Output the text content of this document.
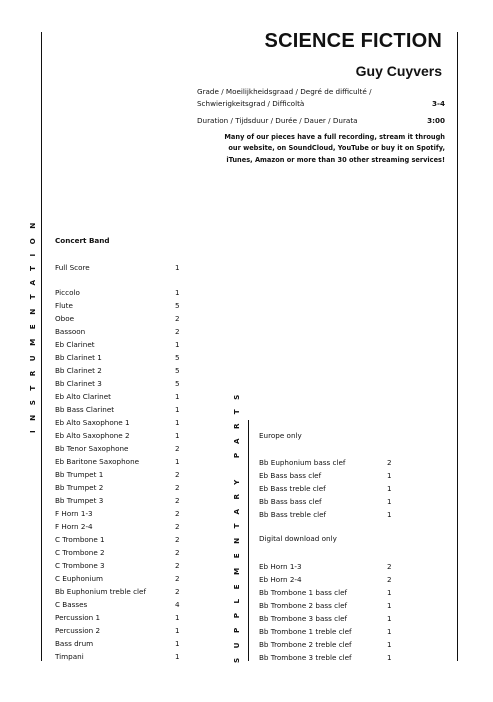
SCIENCE FICTION
Guy Cuyvers
Grade / Moeilijkheidsgraad / Degré de difficulté /
Schwierigkeitsgrad / Difficoltà	3-4
Duration / Tijdsduur / Durée / Dauer / Durata	3:00
Many of our pieces have a full recording, stream it through
our website, on SoundCloud, YouTube or buy it on Spotify,
iTunes, Amazon or more than 30 other streaming services!
INSTRUMENTATION
SUPPLEMENTARY PARTS
Concert Band
Full Score	1
Piccolo	1
Flute	5
Oboe	2
Bassoon	2
Eb Clarinet	1
Bb Clarinet 1	5
Bb Clarinet 2	5
Bb Clarinet 3	5
Eb Alto Clarinet	1
Bb Bass Clarinet	1
Eb Alto Saxophone 1	1
Eb Alto Saxophone 2	1
Bb Tenor Saxophone	2
Eb Baritone Saxophone	1
Bb Trumpet 1	2
Bb Trumpet 2	2
Bb Trumpet 3	2
F Horn 1-3	2
F Horn 2-4	2
C Trombone 1	2
C Trombone 2	2
C Trombone 3	2
C Euphonium	2
Bb Euphonium treble clef	2
C Basses	4
Percussion 1	1
Percussion 2	1
Bass drum	1
Timpani	1
Europe only
Bb Euphonium bass clef	2
Eb Bass bass clef	1
Eb Bass treble clef	1
Bb Bass bass clef	1
Bb Bass treble clef	1
Digital download only
Eb Horn 1-3	2
Eb Horn 2-4	2
Bb Trombone 1 bass clef	1
Bb Trombone 2 bass clef	1
Bb Trombone 3 bass clef	1
Bb Trombone 1 treble clef	1
Bb Trombone 2 treble clef	1
Bb Trombone 3 treble clef	1
